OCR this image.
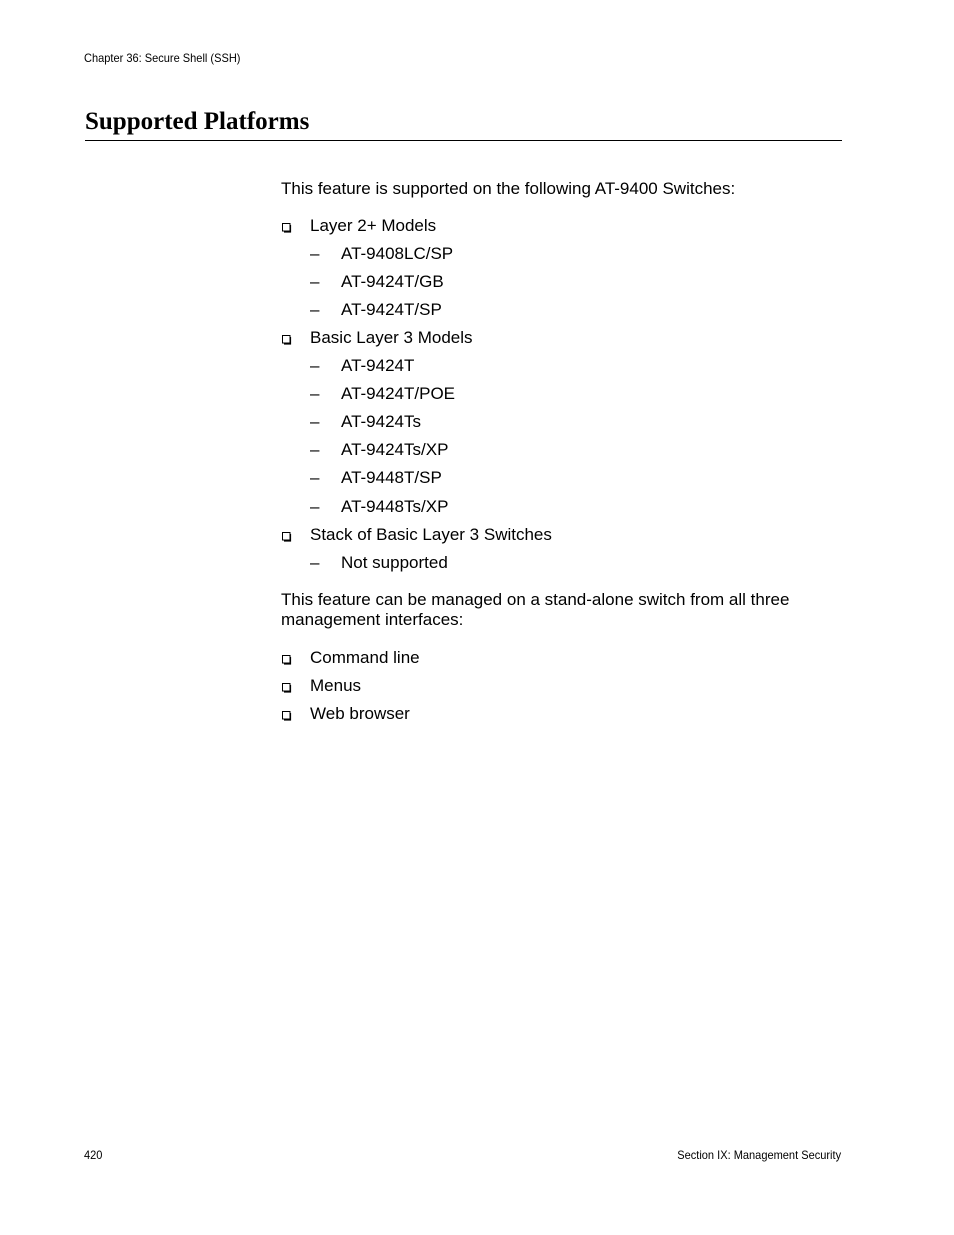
Chapter 36: Secure Shell (SSH)
Supported Platforms

This feature is supported on the following AT-9400 Switches:

Layer 2+ Models
– AT-9408LC/SP
– AT-9424T/GB
– AT-9424T/SP
Basic Layer 3 Models
– AT-9424T
– AT-9424T/POE
– AT-9424Ts
– AT-9424Ts/XP
– AT-9448T/SP
– AT-9448Ts/XP
Stack of Basic Layer 3 Switches
– Not supported

This feature can be managed on a stand-alone switch from all three management interfaces:

Command line
Menus
Web browser
420	Section IX: Management Security
